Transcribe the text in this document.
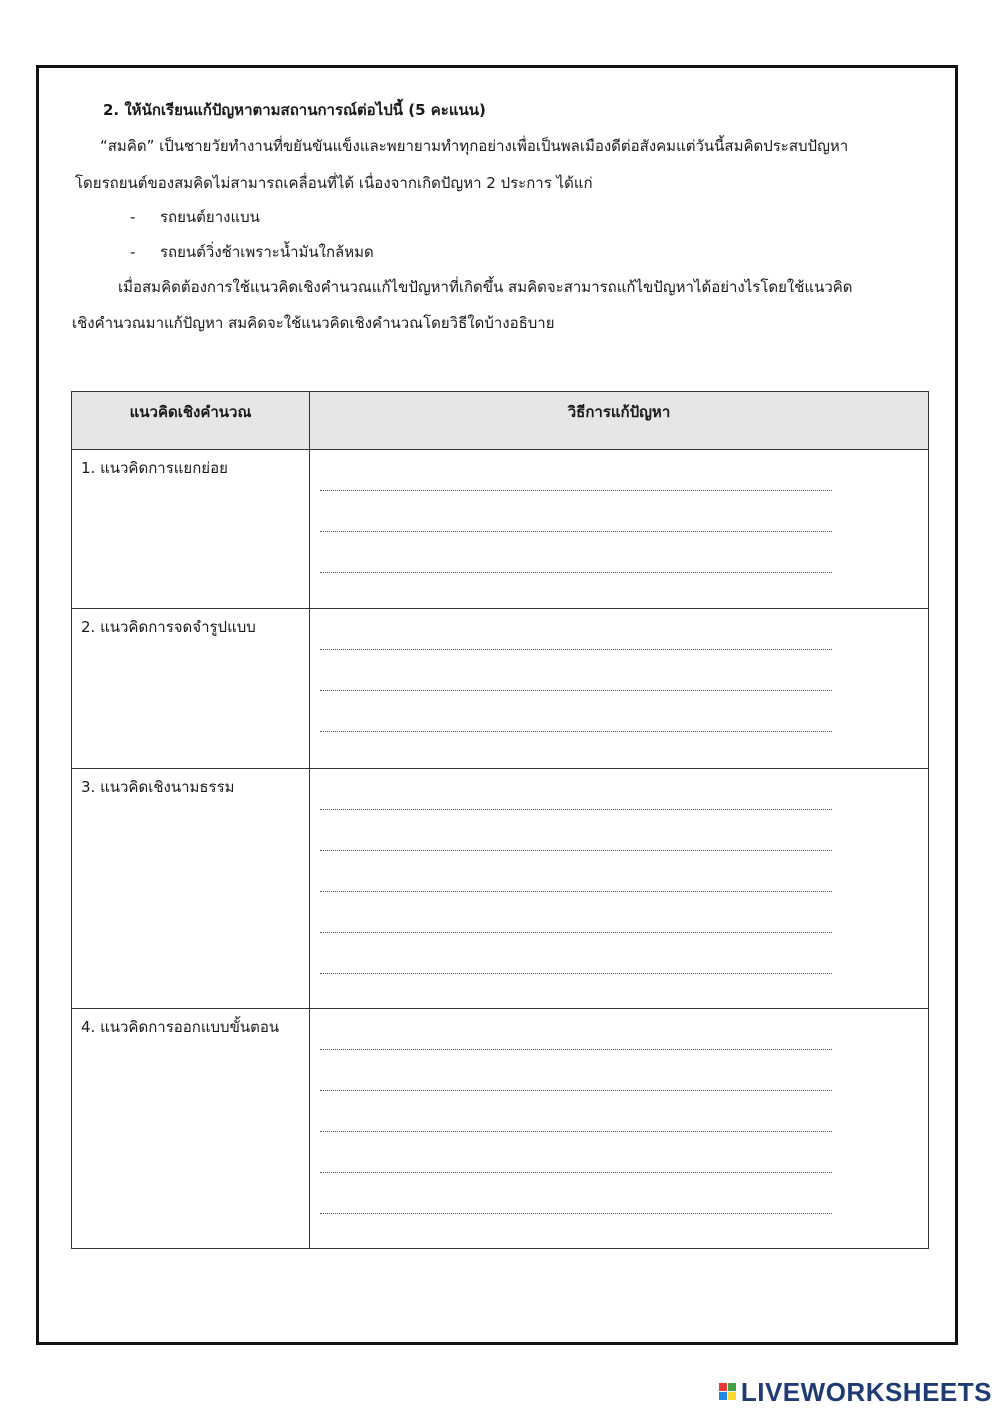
2. ให้นักเรียนแก้ปัญหาตามสถานการณ์ต่อไปนี้ (5 คะแนน)
“สมคิด” เป็นชายวัยทำงานที่ขยันขันแข็งและพยายามทำทุกอย่างเพื่อเป็นพลเมืองดีต่อสังคมแต่วันนี้สมคิดประสบปัญหา
โดยรถยนต์ของสมคิดไม่สามารถเคลื่อนที่ได้ เนื่องจากเกิดปัญหา 2 ประการ ได้แก่
- รถยนต์ยางแบน
- รถยนต์วิ่งช้าเพราะน้ำมันใกล้หมด
เมื่อสมคิดต้องการใช้แนวคิดเชิงคำนวณแก้ไขปัญหาที่เกิดขึ้น สมคิดจะสามารถแก้ไขปัญหาได้อย่างไรโดยใช้แนวคิด
เชิงคำนวณมาแก้ปัญหา สมคิดจะใช้แนวคิดเชิงคำนวณโดยวิธีใดบ้างอธิบาย
แนวคิดเชิงคำนวณ	วิธีการแก้ปัญหา
1. แนวคิดการแยกย่อย	

2. แนวคิดการจดจำรูปแบบ	

3. แนวคิดเชิงนามธรรม	

4. แนวคิดการออกแบบขั้นตอน	
LIVEWORKSHEETS
